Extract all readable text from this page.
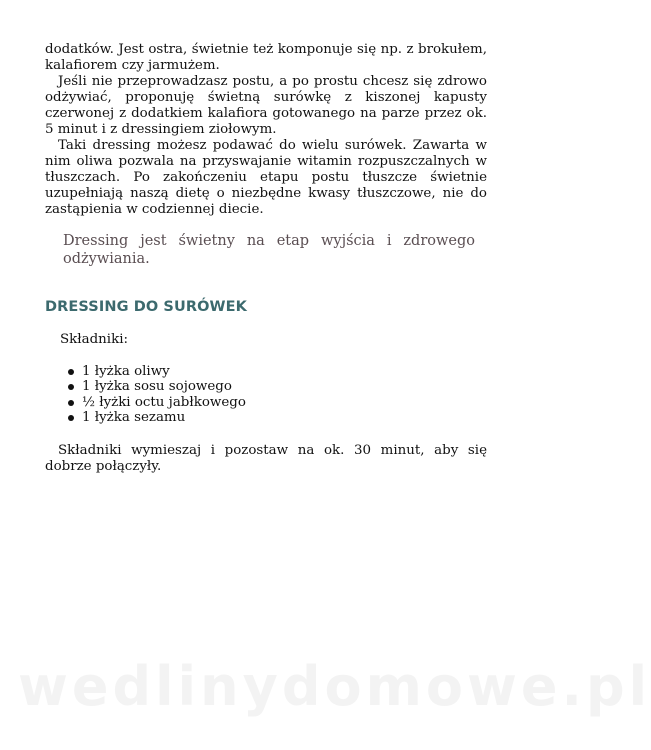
dodatków. Jest ostra, świetnie też komponuje się np. z brokułem, kalafiorem czy jarmużem.

Jeśli nie przeprowadzasz postu, a po prostu chcesz się zdrowo odżywiać, proponuję świetną surówkę z kiszonej kapusty czerwonej z dodatkiem kalafiora gotowanego na parze przez ok. 5 minut i z dressingiem ziołowym.

Taki dressing możesz podawać do wielu surówek. Zawarta w nim oliwa pozwala na przyswajanie witamin rozpuszczalnych w tłuszczach. Po zakończeniu etapu postu tłuszcze świetnie uzupełniają naszą dietę o niezbędne kwasy tłuszczowe, nie do zastąpienia w codziennej diecie.

Dressing jest świetny na etap wyjścia i zdrowego odżywiania.

DRESSING DO SURÓWEK

Składniki:

1 łyżka oliwy
1 łyżka sosu sojowego
½ łyżki octu jabłkowego
1 łyżka sezamu

Składniki wymieszaj i pozostaw na ok. 30 minut, aby się dobrze połączyły.

wedlinydomowe.pl
